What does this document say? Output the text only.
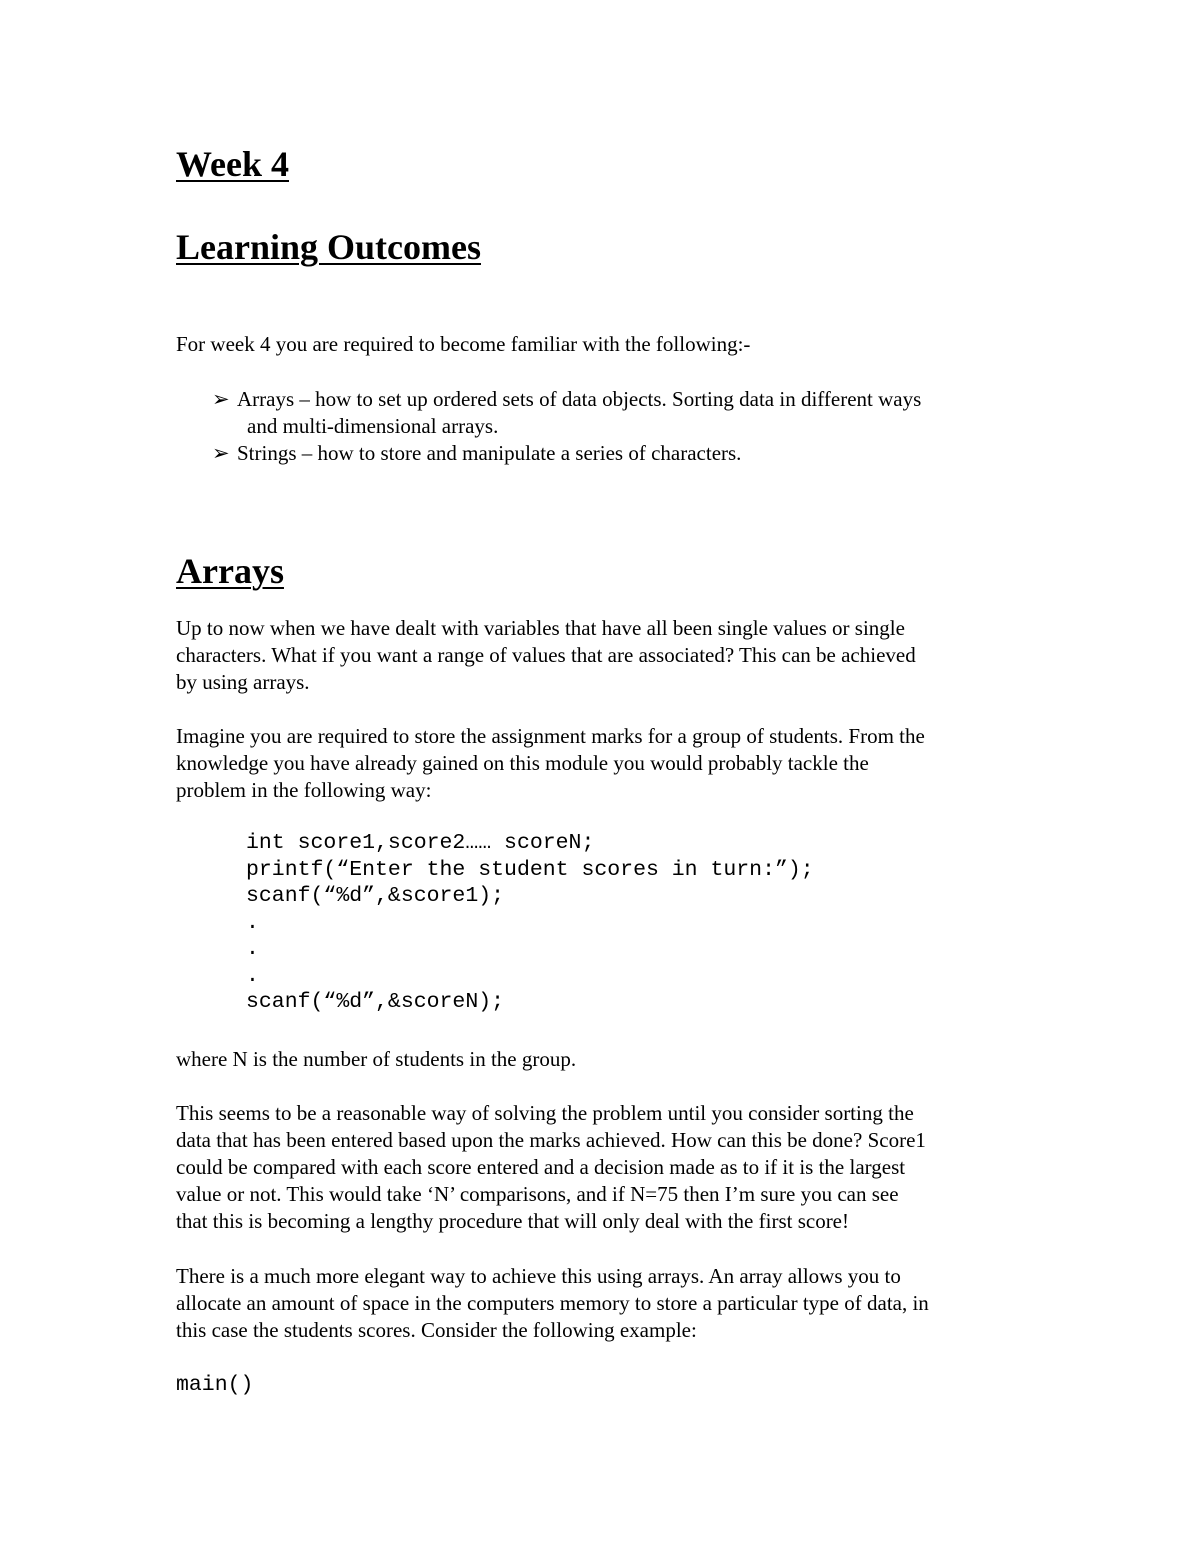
Week 4
Learning Outcomes
For week 4 you are required to become familiar with the following:-
➢ Arrays – how to set up ordered sets of data objects. Sorting data in different ways
and multi-dimensional arrays.
➢ Strings – how to store and manipulate a series of characters.
Arrays
Up to now when we have dealt with variables that have all been single values or single
characters. What if you want a range of values that are associated? This can be achieved
by using arrays.
Imagine you are required to store the assignment marks for a group of students. From the
knowledge you have already gained on this module you would probably tackle the
problem in the following way:
int score1,score2…… scoreN;
printf(“Enter the student scores in turn:”);
scanf(“%d”,&score1);
.
.
.
scanf(“%d”,&scoreN);
where N is the number of students in the group.
This seems to be a reasonable way of solving the problem until you consider sorting the
data that has been entered based upon the marks achieved. How can this be done? Score1
could be compared with each score entered and a decision made as to if it is the largest
value or not. This would take ‘N’ comparisons, and if N=75 then I’m sure you can see
that this is becoming a lengthy procedure that will only deal with the first score!
There is a much more elegant way to achieve this using arrays. An array allows you to
allocate an amount of space in the computers memory to store a particular type of data, in
this case the students scores. Consider the following example:
main()
